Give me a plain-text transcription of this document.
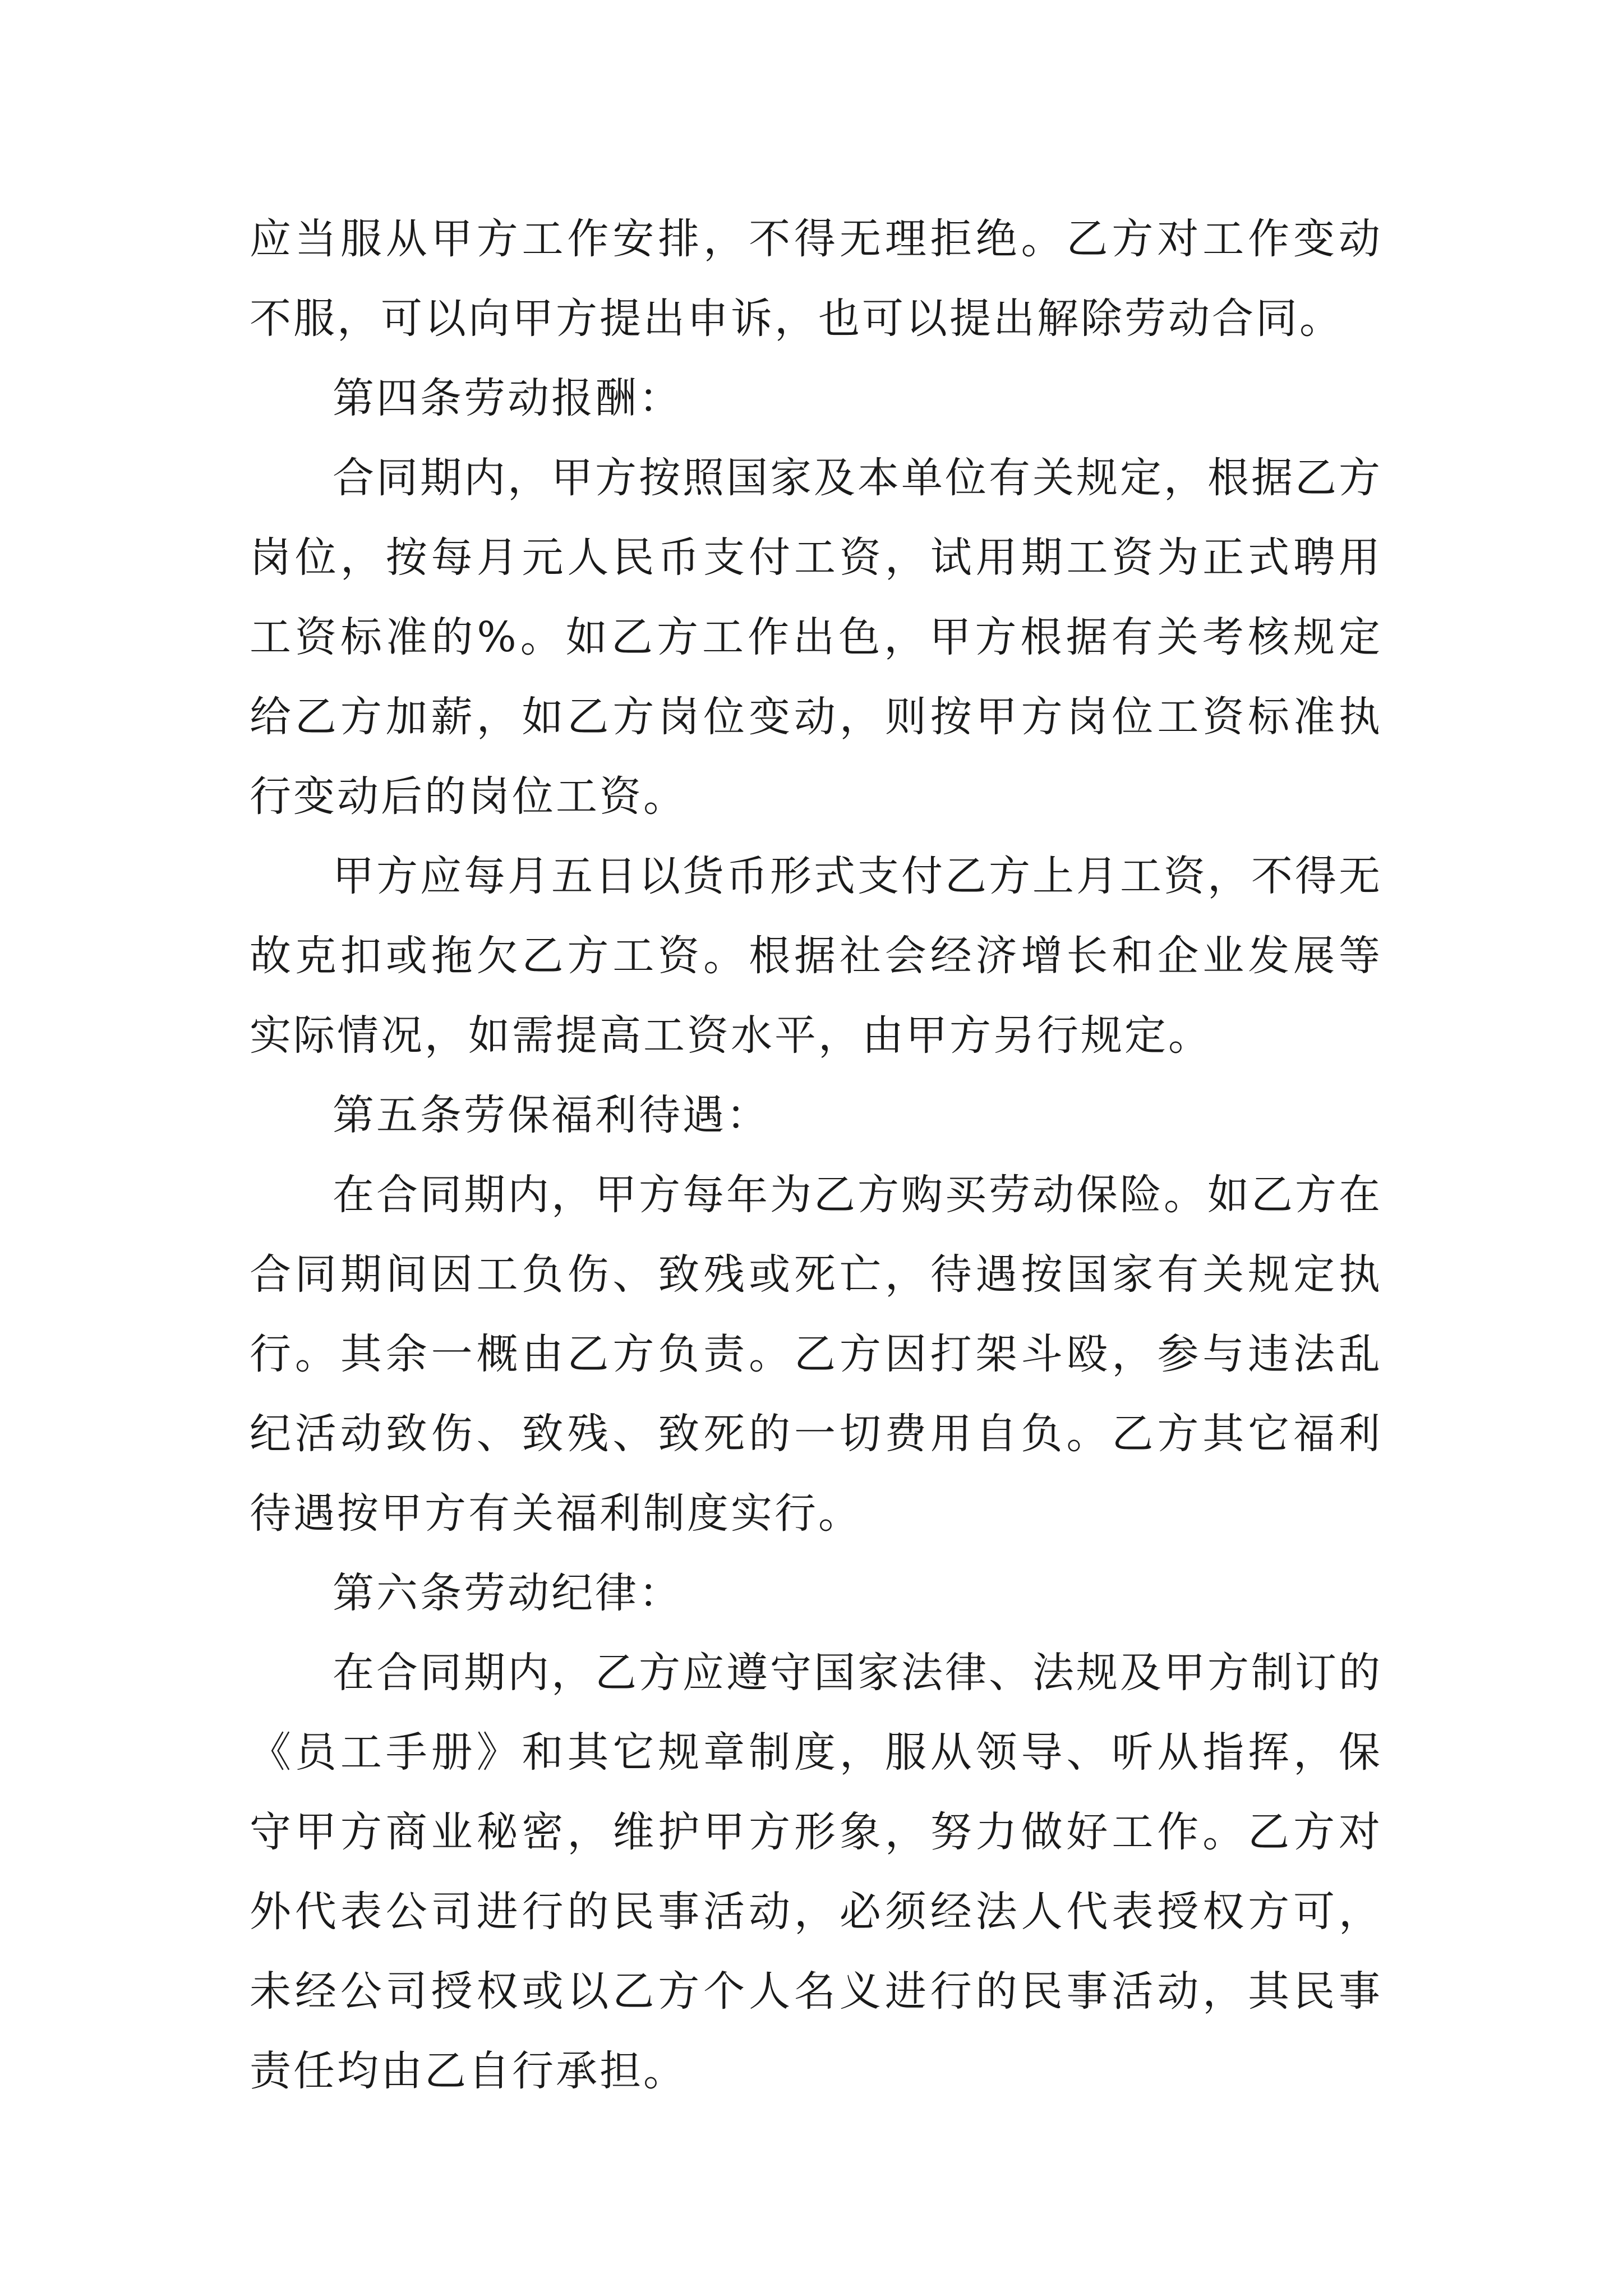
应当服从甲方工作安排，不得无理拒绝。乙方对工作变动不服，可以向甲方提出申诉，也可以提出解除劳动合同。

第四条劳动报酬：

合同期内，甲方按照国家及本单位有关规定，根据乙方岗位，按每月元人民币支付工资，试用期工资为正式聘用工资标准的%。如乙方工作出色，甲方根据有关考核规定给乙方加薪，如乙方岗位变动，则按甲方岗位工资标准执行变动后的岗位工资。

甲方应每月五日以货币形式支付乙方上月工资，不得无故克扣或拖欠乙方工资。根据社会经济增长和企业发展等实际情况，如需提高工资水平，由甲方另行规定。

第五条劳保福利待遇：

在合同期内，甲方每年为乙方购买劳动保险。如乙方在合同期间因工负伤、致残或死亡，待遇按国家有关规定执行。其余一概由乙方负责。乙方因打架斗殴，参与违法乱纪活动致伤、致残、致死的一切费用自负。乙方其它福利待遇按甲方有关福利制度实行。

第六条劳动纪律：

在合同期内，乙方应遵守国家法律、法规及甲方制订的《员工手册》和其它规章制度，服从领导、听从指挥，保守甲方商业秘密，维护甲方形象，努力做好工作。乙方对外代表公司进行的民事活动，必须经法人代表授权方可，未经公司授权或以乙方个人名义进行的民事活动，其民事责任均由乙自行承担。
